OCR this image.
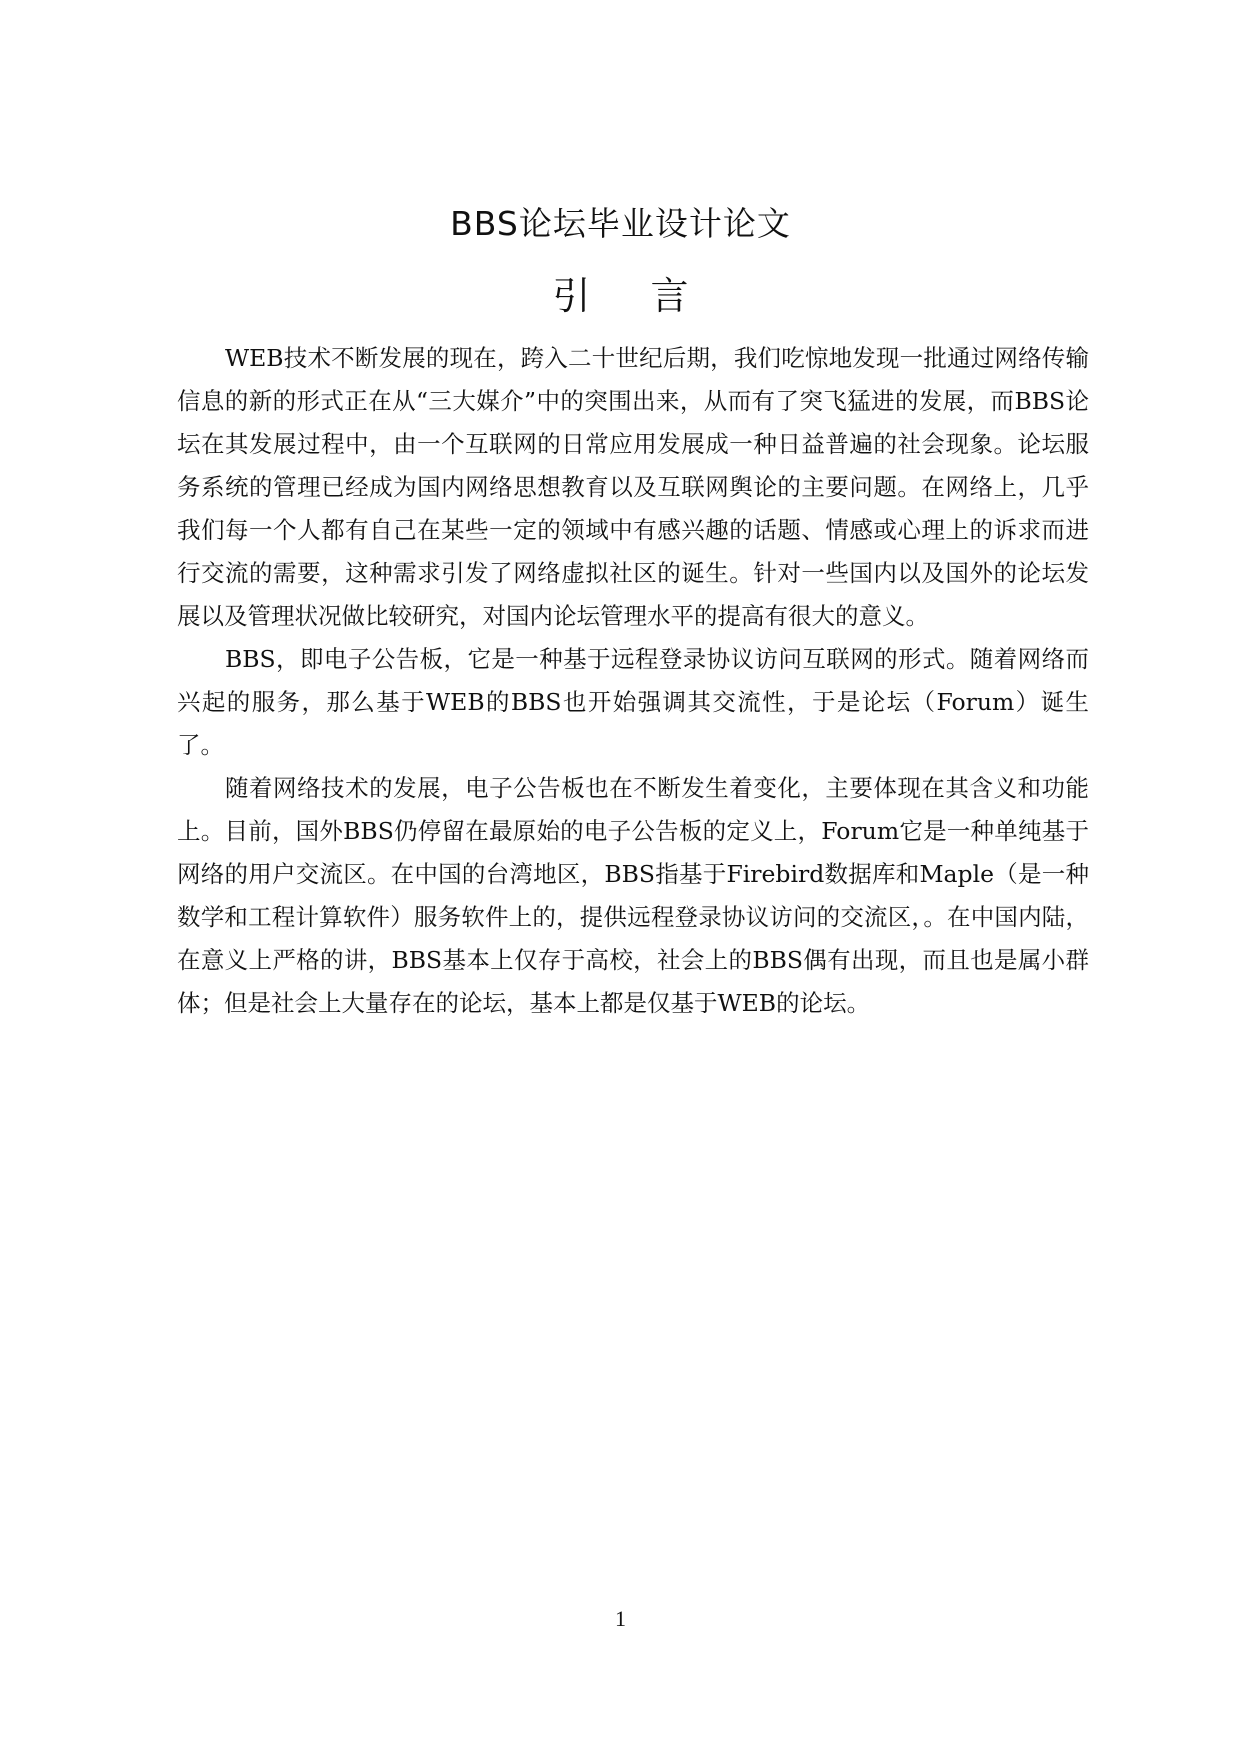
BBS论坛毕业设计论文
引 言

WEB技术不断发展的现在，跨入二十世纪后期，我们吃惊地发现一批通过网络传输信息的新的形式正在从“三大媒介”中的突围出来，从而有了突飞猛进的发展，而BBS论坛在其发展过程中，由一个互联网的日常应用发展成一种日益普遍的社会现象。论坛服务系统的管理已经成为国内网络思想教育以及互联网舆论的主要问题。在网络上，几乎我们每一个人都有自己在某些一定的领域中有感兴趣的话题、情感或心理上的诉求而进行交流的需要，这种需求引发了网络虚拟社区的诞生。针对一些国内以及国外的论坛发展以及管理状况做比较研究，对国内论坛管理水平的提高有很大的意义。

BBS，即电子公告板，它是一种基于远程登录协议访问互联网的形式。随着网络而兴起的服务，那么基于WEB的BBS也开始强调其交流性，于是论坛（Forum）诞生了。

随着网络技术的发展，电子公告板也在不断发生着变化，主要体现在其含义和功能上。目前，国外BBS仍停留在最原始的电子公告板的定义上，Forum它是一种单纯基于网络的用户交流区。在中国的台湾地区，BBS指基于Firebird数据库和Maple（是一种数学和工程计算软件）服务软件上的，提供远程登录协议访问的交流区，。在中国内陆，在意义上严格的讲，BBS基本上仅存于高校，社会上的BBS偶有出现，而且也是属小群体；但是社会上大量存在的论坛，基本上都是仅基于WEB的论坛。

1
